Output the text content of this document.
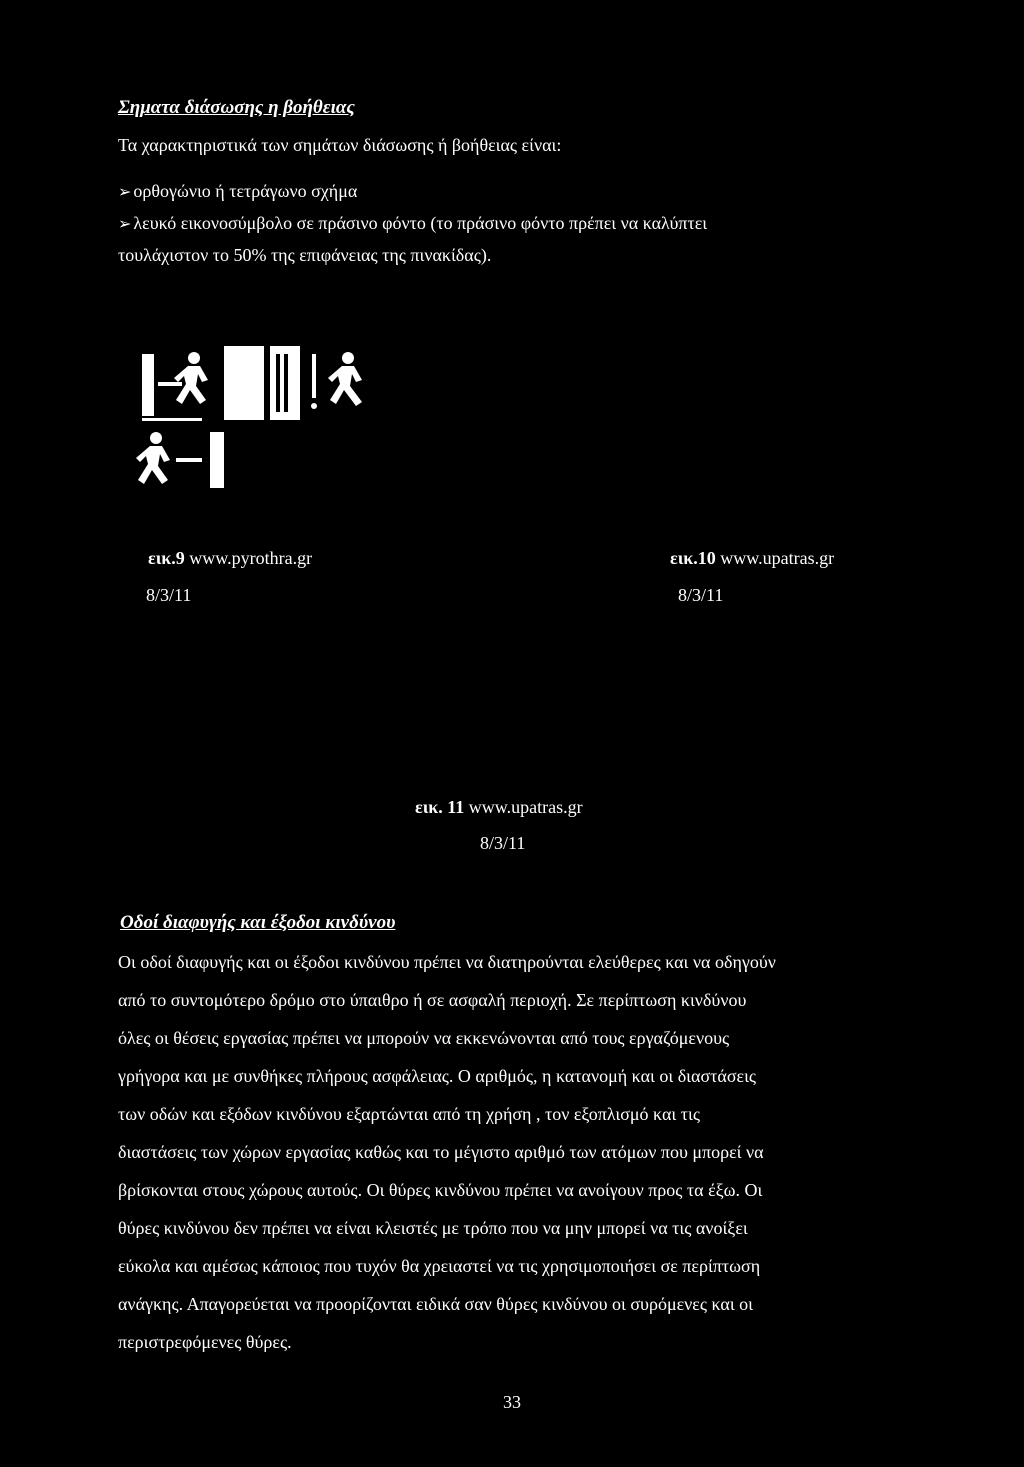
Σηματα διάσωσης η βοήθειας
Τα χαρακτηριστικά των σημάτων διάσωσης ή βοήθειας είναι:
➢ ορθογώνιο ή τετράγωνο σχήμα
➢ λευκό εικονοσύμβολο σε πράσινο φόντο (το πράσινο φόντο πρέπει να καλύπτει
τουλάχιστον το 50% της επιφάνειας της πινακίδας).
εικ.9 www.pyrothra.gr
8/3/11
εικ.10 www.upatras.gr
8/3/11
εικ. 11 www.upatras.gr
8/3/11
Οδοί διαφυγής και έξοδοι κινδύνου
Οι οδοί διαφυγής και οι έξοδοι κινδύνου πρέπει να διατηρούνται ελεύθερες και να οδηγούν
από το συντομότερο δρόμο στο ύπαιθρο ή σε ασφαλή περιοχή. Σε περίπτωση κινδύνου
όλες οι θέσεις εργασίας πρέπει να μπορούν να εκκενώνονται από τους εργαζόμενους
γρήγορα και με συνθήκες πλήρους ασφάλειας. Ο αριθμός, η κατανομή και οι διαστάσεις
των οδών και εξόδων κινδύνου εξαρτώνται από τη χρήση , τον εξοπλισμό και τις
διαστάσεις των χώρων εργασίας καθώς και το μέγιστο αριθμό των ατόμων που μπορεί να
βρίσκονται στους χώρους αυτούς. Οι θύρες κινδύνου πρέπει να ανοίγουν προς τα έξω. Οι
θύρες κινδύνου δεν πρέπει να είναι κλειστές με τρόπο που να μην μπορεί να τις ανοίξει
εύκολα και αμέσως κάποιος που τυχόν θα χρειαστεί να τις χρησιμοποιήσει σε περίπτωση
ανάγκης. Απαγορεύεται να προορίζονται ειδικά σαν θύρες κινδύνου οι συρόμενες και οι
περιστρεφόμενες θύρες.
33
